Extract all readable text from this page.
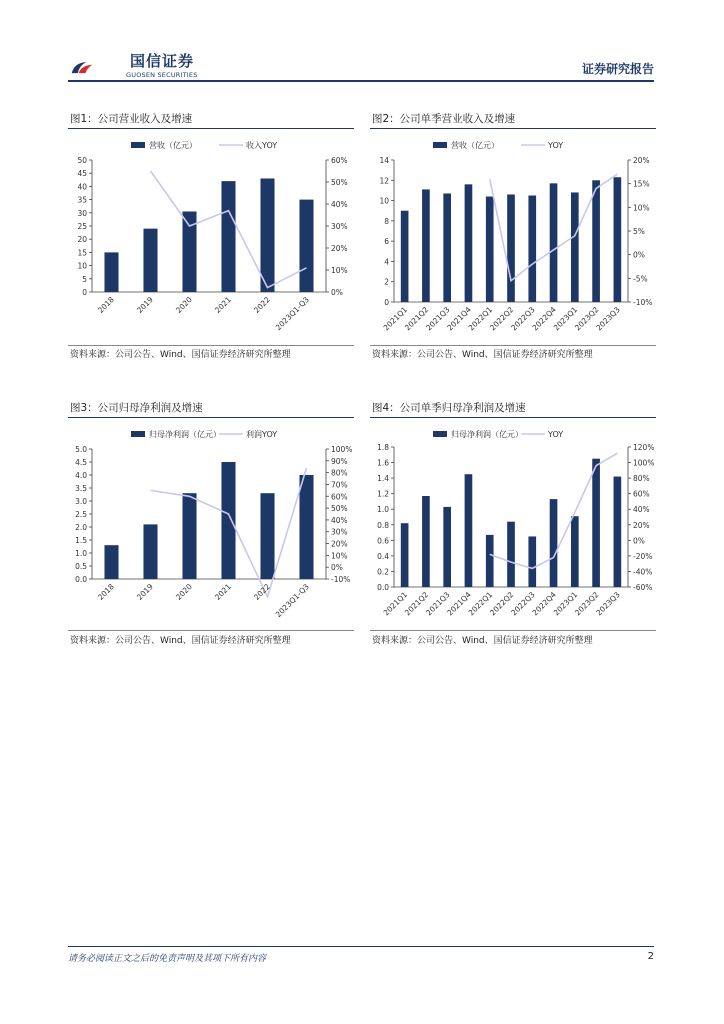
国信证券
GUOSEN SECURITIES	证券研究报告
图1：公司营业收入及增速
营收（亿元）	收入YOY
0
5
10
15
20
25
30
35
40
45
50
0%
10%
20%
30%
40%
50%
60%
2018	2019	2020	2021	2022 2023Q1-Q3
资料来源：公司公告、Wind、国信证券经济研究所整理
图2：公司单季营业收入及增速
营收（亿元）	YOY
0
2
4
6
8
10
12
14
-10%
-5%
0%
5%
10%
15%
20%
2021Q1
2021Q2
2021Q3
2021Q4
2022Q1
2022Q2
2022Q3
2022Q4
2023Q1
2023Q2
2023Q3
资料来源：公司公告、Wind、国信证券经济研究所整理
图3：公司归母净利润及增速
归母净利润（亿元）	利润YOY
0.0
0.5
1.0
1.5
2.0
2.5
3.0
3.5
4.0
4.5
5.0
-10%
0%
10%
20%
30%
40%
50%
60%
70%
80%
90%
100%
2018	2019	2020	2021	2022 2023Q1-Q3
资料来源：公司公告、Wind、国信证券经济研究所整理
图4：公司单季归母净利润及增速
归母净利润（亿元）	YOY
0.0
0.2
0.4
0.6
0.8
1.0
1.2
1.4
1.6
1.8
-60%
-40%
-20%
0%
20%
40%
60%
80%
100%
120%
2021Q1
2021Q2
2021Q3
2021Q4
2022Q1
2022Q2
2022Q3
2022Q4
2023Q1
2023Q2
2023Q3
资料来源：公司公告、Wind、国信证券经济研究所整理
请务必阅读正文之后的免责声明及其项下所有内容	2
